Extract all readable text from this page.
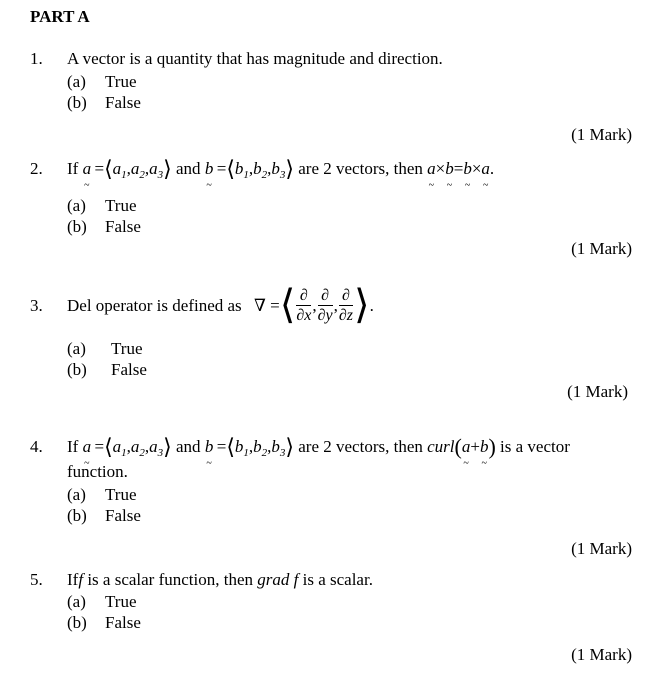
PART A
1.	A vector is a quantity that has magnitude and direction.
(a) True
(b) False
(1 Mark)
2.	If a ~ $=⟨a_1,a_2,a_3⟩$ and b ~ $=⟨b_1,b_2,b_3⟩$ are 2 vectors, then a ~×b ~=b ~×a ~.
(a) True
(b) False
(1 Mark)
3.	Del operator is defined as ∇ = ⟨ $\frac{\partial}{\partial x}$ , $\frac{\partial}{\partial y}$ , $\frac{\partial}{\partial z}$ ⟩ .
(a) True
(b) False
(1 Mark)
4.	If a ~ $=⟨a_1,a_2,a_3⟩$ and b ~ $=⟨b_1,b_2,b_3⟩$ are 2 vectors, then curl(a ~+b ~) is a vector
function.
(a) True
(b) False
(1 Mark)
5.	Iff is a scalar function, then grad f is a scalar.
(a) True
(b) False
(1 Mark)
